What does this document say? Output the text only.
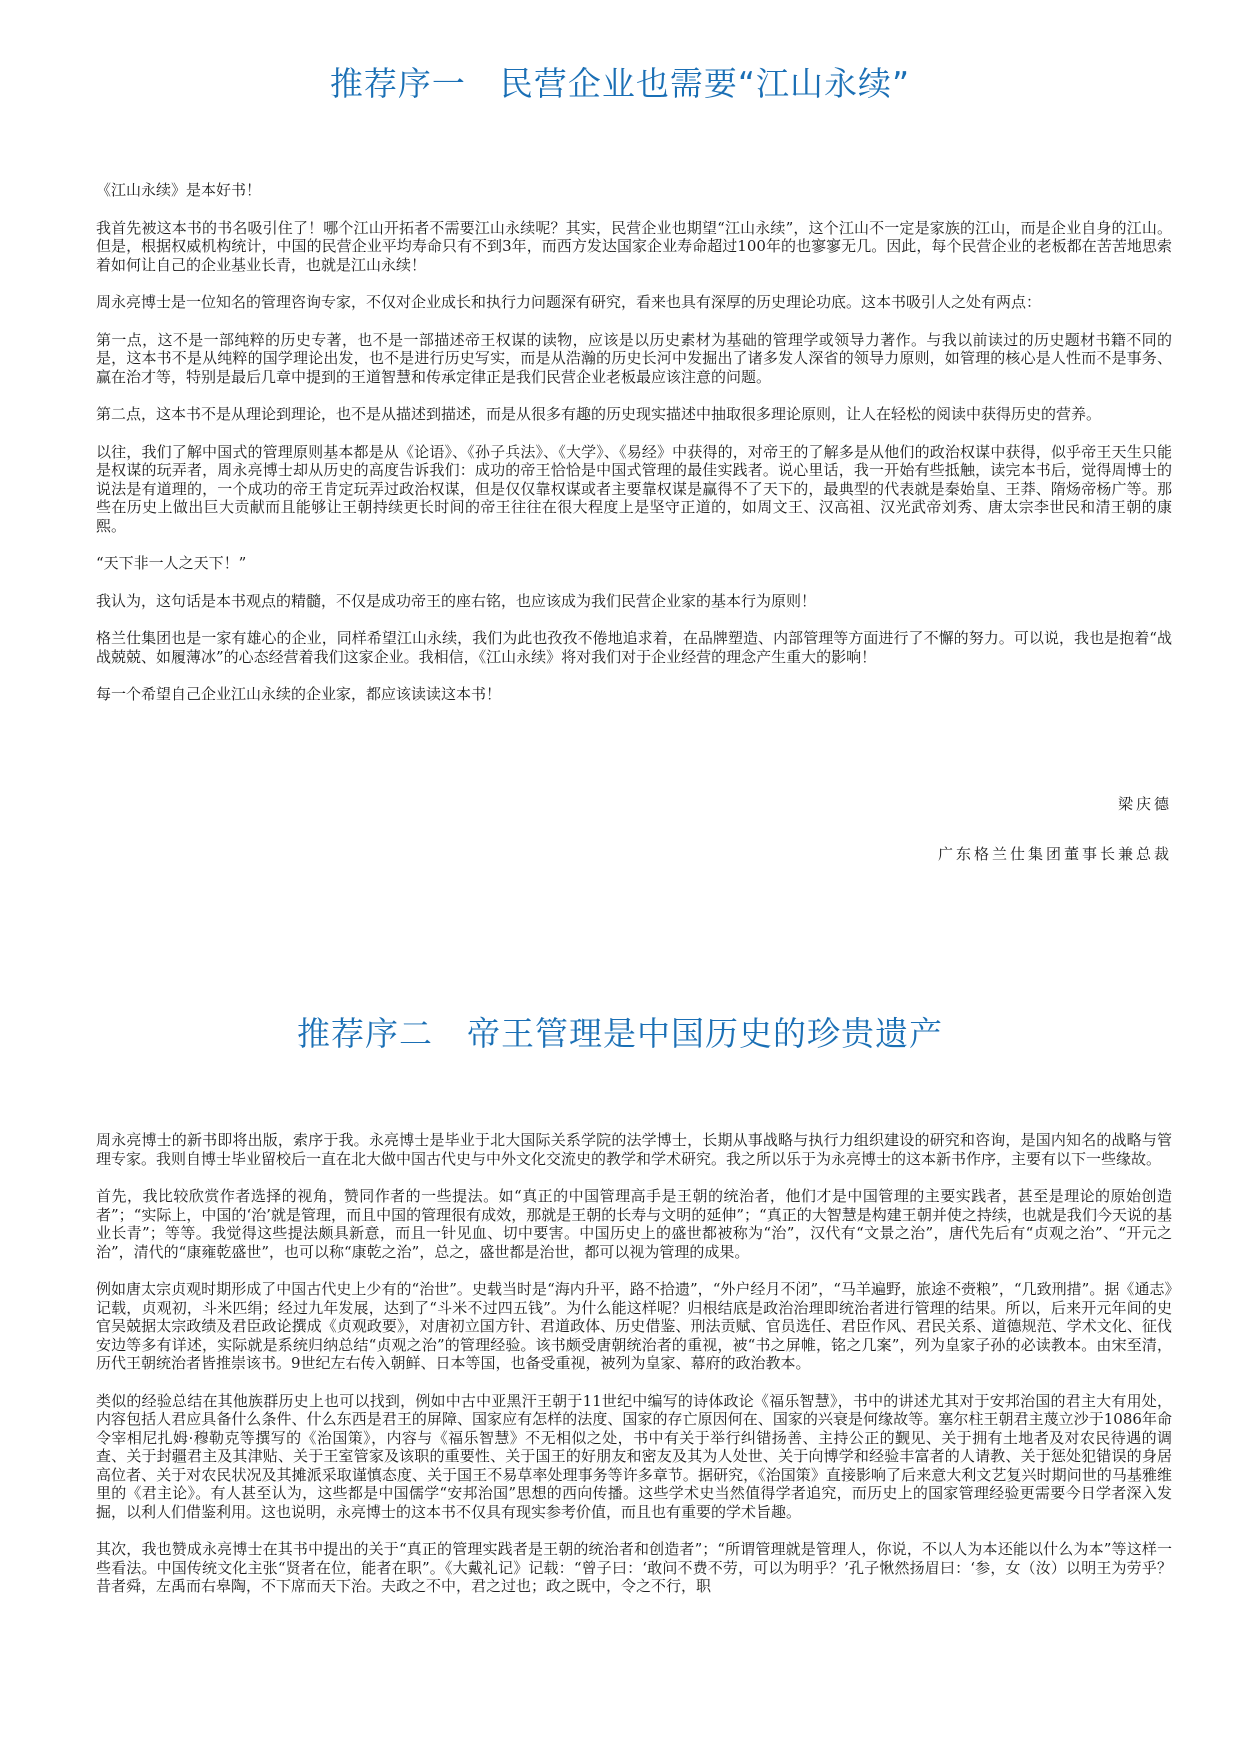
推荐序一　民营企业也需要“江山永续”

《江山永续》是本好书！

我首先被这本书的书名吸引住了！哪个江山开拓者不需要江山永续呢？其实，民营企业也期望“江山永续”，这个江山不一定是家族的江山，而是企业自身的江山。但是，根据权威机构统计，中国的民营企业平均寿命只有不到3年，而西方发达国家企业寿命超过100年的也寥寥无几。因此，每个民营企业的老板都在苦苦地思索着如何让自己的企业基业长青，也就是江山永续！

周永亮博士是一位知名的管理咨询专家，不仅对企业成长和执行力问题深有研究，看来也具有深厚的历史理论功底。这本书吸引人之处有两点：

第一点，这不是一部纯粹的历史专著，也不是一部描述帝王权谋的读物，应该是以历史素材为基础的管理学或领导力著作。与我以前读过的历史题材书籍不同的是，这本书不是从纯粹的国学理论出发，也不是进行历史写实，而是从浩瀚的历史长河中发掘出了诸多发人深省的领导力原则，如管理的核心是人性而不是事务、赢在治才等，特别是最后几章中提到的王道智慧和传承定律正是我们民营企业老板最应该注意的问题。

第二点，这本书不是从理论到理论，也不是从描述到描述，而是从很多有趣的历史现实描述中抽取很多理论原则，让人在轻松的阅读中获得历史的营养。

以往，我们了解中国式的管理原则基本都是从《论语》、《孙子兵法》、《大学》、《易经》中获得的，对帝王的了解多是从他们的政治权谋中获得，似乎帝王天生只能是权谋的玩弄者，周永亮博士却从历史的高度告诉我们：成功的帝王恰恰是中国式管理的最佳实践者。说心里话，我一开始有些抵触，读完本书后，觉得周博士的说法是有道理的，一个成功的帝王肯定玩弄过政治权谋，但是仅仅靠权谋或者主要靠权谋是赢得不了天下的，最典型的代表就是秦始皇、王莽、隋炀帝杨广等。那些在历史上做出巨大贡献而且能够让王朝持续更长时间的帝王往往在很大程度上是坚守正道的，如周文王、汉高祖、汉光武帝刘秀、唐太宗李世民和清王朝的康熙。

“天下非一人之天下！”

我认为，这句话是本书观点的精髓，不仅是成功帝王的座右铭，也应该成为我们民营企业家的基本行为原则！

格兰仕集团也是一家有雄心的企业，同样希望江山永续，我们为此也孜孜不倦地追求着，在品牌塑造、内部管理等方面进行了不懈的努力。可以说，我也是抱着“战战兢兢、如履薄冰”的心态经营着我们这家企业。我相信，《江山永续》将对我们对于企业经营的理念产生重大的影响！

每一个希望自己企业江山永续的企业家，都应该读读这本书！

梁庆德

广东格兰仕集团董事长兼总裁

推荐序二　帝王管理是中国历史的珍贵遗产

周永亮博士的新书即将出版，索序于我。永亮博士是毕业于北大国际关系学院的法学博士，长期从事战略与执行力组织建设的研究和咨询，是国内知名的战略与管理专家。我则自博士毕业留校后一直在北大做中国古代史与中外文化交流史的教学和学术研究。我之所以乐于为永亮博士的这本新书作序，主要有以下一些缘故。

首先，我比较欣赏作者选择的视角，赞同作者的一些提法。如“真正的中国管理高手是王朝的统治者，他们才是中国管理的主要实践者，甚至是理论的原始创造者”；“实际上，中国的‘治’就是管理，而且中国的管理很有成效，那就是王朝的长寿与文明的延伸”；“真正的大智慧是构建王朝并使之持续，也就是我们今天说的基业长青”；等等。我觉得这些提法颇具新意，而且一针见血、切中要害。中国历史上的盛世都被称为“治”，汉代有“文景之治”，唐代先后有“贞观之治”、“开元之治”，清代的“康雍乾盛世”，也可以称“康乾之治”，总之，盛世都是治世，都可以视为管理的成果。

例如唐太宗贞观时期形成了中国古代史上少有的“治世”。史载当时是“海内升平，路不拾遗”，“外户经月不闭”，“马羊遍野，旅途不赍粮”，“几致刑措”。据《通志》记载，贞观初，斗米匹绢；经过九年发展，达到了“斗米不过四五钱”。为什么能这样呢？归根结底是政治治理即统治者进行管理的结果。所以，后来开元年间的史官吴兢据太宗政绩及君臣政论撰成《贞观政要》，对唐初立国方针、君道政体、历史借鉴、刑法贡赋、官员选任、君臣作风、君民关系、道德规范、学术文化、征伐安边等多有详述，实际就是系统归纳总结“贞观之治”的管理经验。该书颇受唐朝统治者的重视，被“书之屏帷，铭之几案”，列为皇家子孙的必读教本。由宋至清，历代王朝统治者皆推崇该书。9世纪左右传入朝鲜、日本等国，也备受重视，被列为皇家、幕府的政治教本。

类似的经验总结在其他族群历史上也可以找到，例如中古中亚黑汗王朝于11世纪中编写的诗体政论《福乐智慧》，书中的讲述尤其对于安邦治国的君主大有用处，内容包括人君应具备什么条件、什么东西是君王的屏障、国家应有怎样的法度、国家的存亡原因何在、国家的兴衰是何缘故等。塞尔柱王朝君主蔑立沙于1086年命令宰相尼扎姆·穆勒克等撰写的《治国策》，内容与《福乐智慧》不无相似之处，书中有关于举行纠错扬善、主持公正的觐见、关于拥有土地者及对农民待遇的调查、关于封疆君主及其津贴、关于王室管家及该职的重要性、关于国王的好朋友和密友及其为人处世、关于向博学和经验丰富者的人请教、关于惩处犯错误的身居高位者、关于对农民状况及其摊派采取谨慎态度、关于国王不易草率处理事务等许多章节。据研究，《治国策》直接影响了后来意大利文艺复兴时期问世的马基雅维里的《君主论》。有人甚至认为，这些都是中国儒学“安邦治国”思想的西向传播。这些学术史当然值得学者追究，而历史上的国家管理经验更需要今日学者深入发掘，以利人们借鉴利用。这也说明，永亮博士的这本书不仅具有现实参考价值，而且也有重要的学术旨趣。

其次，我也赞成永亮博士在其书中提出的关于“真正的管理实践者是王朝的统治者和创造者”；“所谓管理就是管理人，你说，不以人为本还能以什么为本”等这样一些看法。中国传统文化主张“贤者在位，能者在职”。《大戴礼记》记载：“曾子曰：‘敢问不费不劳，可以为明乎？’孔子愀然扬眉曰：‘参，女（汝）以明王为劳乎？昔者舜，左禹而右皋陶，不下席而天下治。夫政之不中，君之过也；政之既中，令之不行，职
